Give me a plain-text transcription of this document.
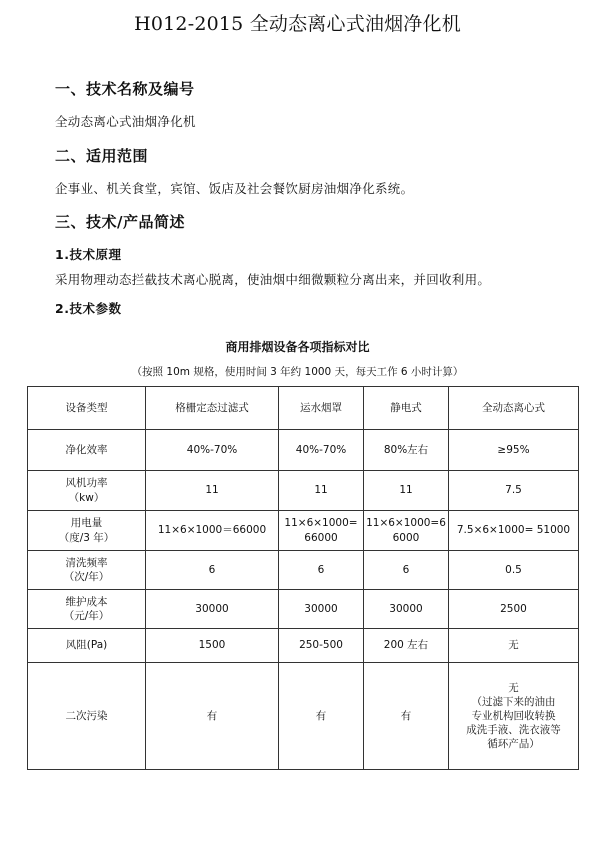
H012-2015 全动态离心式油烟净化机
一、技术名称及编号
全动态离心式油烟净化机
二、适用范围
企事业、机关食堂，宾馆、饭店及社会餐饮厨房油烟净化系统。
三、技术/产品简述
1.技术原理
采用物理动态拦截技术离心脱离，使油烟中细微颗粒分离出来，并回收利用。
2.技术参数
商用排烟设备各项指标对比
（按照 10m 规格，使用时间 3 年约 1000 天，每天工作 6 小时计算）
设备类型	格栅定态过滤式	运水烟罩	静电式	全动态离心式
净化效率	40%-70%	40%-70%	80%左右	≥95%
风机功率
（kw）	11	11	11	7.5
用电量
（度/3 年）	11×6×1000＝66000	11×6×1000=
66000	11×6×1000=6
6000	7.5×6×1000= 51000
清洗频率
（次/年）	6	6	6	0.5
维护成本
（元/年）	30000	30000	30000	2500
风阻(Pa)	1500	250-500	200 左右	无
二次污染	有	有	有	无
（过滤下来的油由
专业机构回收转换
成洗手液、洗衣液等
循环产品）
